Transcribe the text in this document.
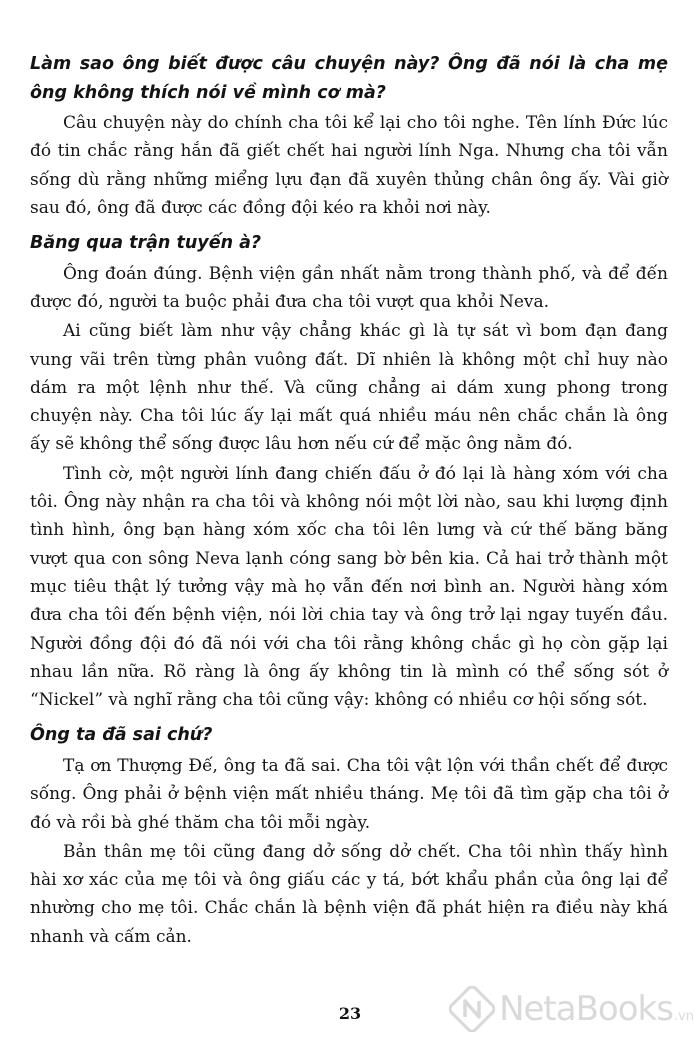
Làm sao ông biết được câu chuyện này? Ông đã nói là cha mẹ ông không thích nói về mình cơ mà?

Câu chuyện này do chính cha tôi kể lại cho tôi nghe. Tên lính Đức lúc đó tin chắc rằng hắn đã giết chết hai người lính Nga. Nhưng cha tôi vẫn sống dù rằng những miểng lựu đạn đã xuyên thủng chân ông ấy. Vài giờ sau đó, ông đã được các đồng đội kéo ra khỏi nơi này.

Băng qua trận tuyến à?

Ông đoán đúng. Bệnh viện gần nhất nằm trong thành phố, và để đến được đó, người ta buộc phải đưa cha tôi vượt qua khỏi Neva.

Ai cũng biết làm như vậy chẳng khác gì là tự sát vì bom đạn đang vung vãi trên từng phân vuông đất. Dĩ nhiên là không một chỉ huy nào dám ra một lệnh như thế. Và cũng chẳng ai dám xung phong trong chuyện này. Cha tôi lúc ấy lại mất quá nhiều máu nên chắc chắn là ông ấy sẽ không thể sống được lâu hơn nếu cứ để mặc ông nằm đó.

Tình cờ, một người lính đang chiến đấu ở đó lại là hàng xóm với cha tôi. Ông này nhận ra cha tôi và không nói một lời nào, sau khi lượng định tình hình, ông bạn hàng xóm xốc cha tôi lên lưng và cứ thế băng băng vượt qua con sông Neva lạnh cóng sang bờ bên kia. Cả hai trở thành một mục tiêu thật lý tưởng vậy mà họ vẫn đến nơi bình an. Người hàng xóm đưa cha tôi đến bệnh viện, nói lời chia tay và ông trở lại ngay tuyến đầu. Người đồng đội đó đã nói với cha tôi rằng không chắc gì họ còn gặp lại nhau lần nữa. Rõ ràng là ông ấy không tin là mình có thể sống sót ở “Nickel” và nghĩ rằng cha tôi cũng vậy: không có nhiều cơ hội sống sót.

Ông ta đã sai chứ?

Tạ ơn Thượng Đế, ông ta đã sai. Cha tôi vật lộn với thần chết để được sống. Ông phải ở bệnh viện mất nhiều tháng. Mẹ tôi đã tìm gặp cha tôi ở đó và rồi bà ghé thăm cha tôi mỗi ngày.

Bản thân mẹ tôi cũng đang dở sống dở chết. Cha tôi nhìn thấy hình hài xơ xác của mẹ tôi và ông giấu các y tá, bớt khẩu phần của ông lại để nhường cho mẹ tôi. Chắc chắn là bệnh viện đã phát hiện ra điều này khá nhanh và cấm cản.

23	NetaBooks .vn
